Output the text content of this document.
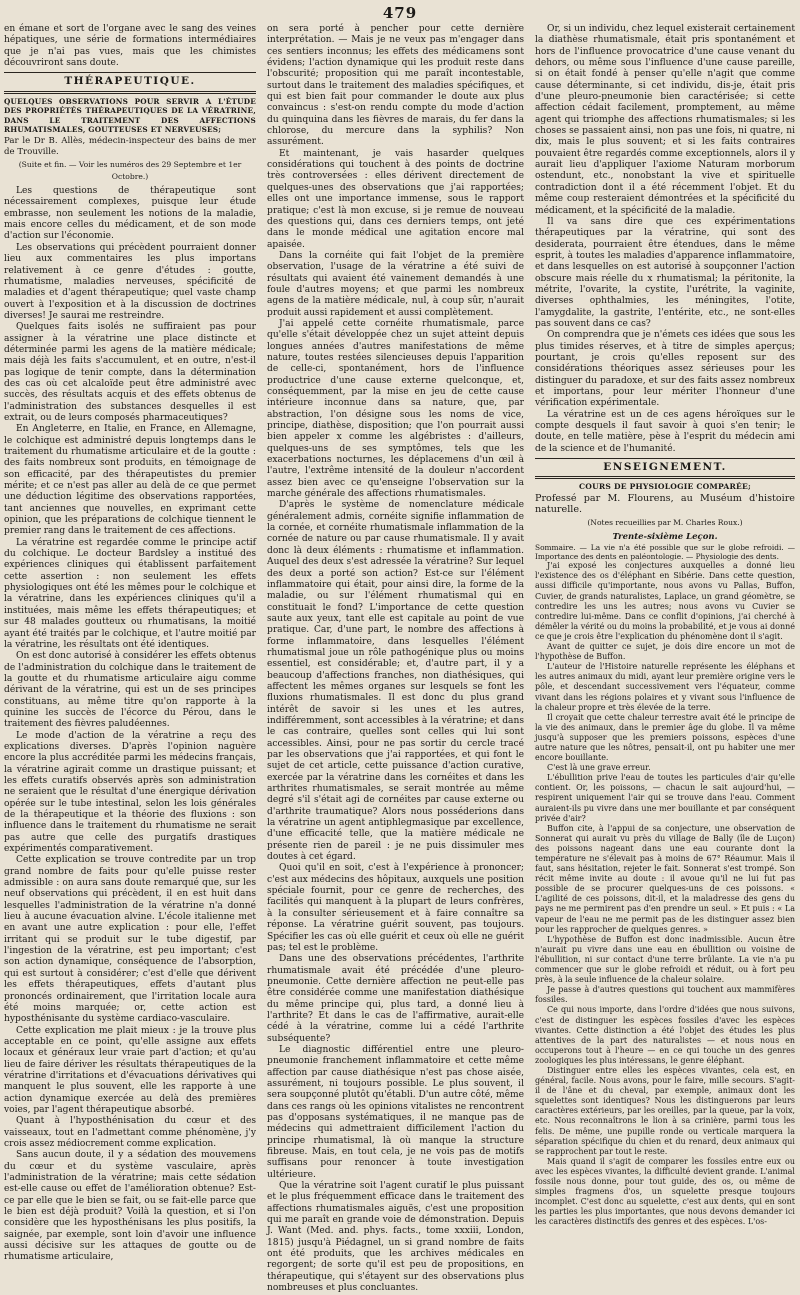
479

en émane et sort de l'organe avec le sang des veines hépatiques, une série de formations intermédiaires que je n'ai pas vues, mais que les chimistes découvriront sans doute.

THÉRAPEUTIQUE.
QUELQUES OBSERVATIONS POUR SERVIR A L'ÉTUDE DES PROPRIÉTÉS THÉRAPEUTIQUES DE LA VÉRATRINE, DANS LE TRAITEMENT DES AFFECTIONS RHUMATISMALES, GOUTTEUSES ET NERVEUSES;
Par le Dr B. Allès, médecin-inspecteur des bains de mer de Trouville.
(Suite et fin. — Voir les numéros des 29 Septembre et 1er Octobre.)

Les questions de thérapeutique sont nécessairement complexes, puisque leur étude embrasse, non seulement les notions de la maladie, mais encore celles du médicament, et de son mode d'action sur l'économie.

Les observations qui précèdent pourraient donner lieu aux commentaires les plus importans relativement à ce genre d'études : goutte, rhumatisme, maladies nerveuses, spécificité de maladies et d'agent thérapeutique; quel vaste champ ouvert à l'exposition et à la discussion de doctrines diverses! Je saurai me restreindre.

Quelques faits isolés ne suffiraient pas pour assigner à la vératrine une place distincte et déterminée parmi les agens de la matière médicale; mais déjà les faits s'accumulent, et en outre, n'est-il pas logique de tenir compte, dans la détermination des cas où cet alcaloïde peut être administré avec succès, des résultats acquis et des effets obtenus de l'administration des substances desquelles il est extrait, ou de leurs composés pharmaceutiques?

En Angleterre, en Italie, en France, en Allemagne, le colchique est administré depuis longtemps dans le traitement du rhumatisme articulaire et de la goutte : des faits nombreux sont produits, en témoignage de son efficacité, par des thérapeutistes du premier mérite; et ce n'est pas aller au delà de ce que permet une déduction légitime des observations rapportées, tant anciennes que nouvelles, en exprimant cette opinion, que les préparations de colchique tiennent le premier rang dans le traitement de ces affections.

La vératrine est regardée comme le principe actif du colchique. Le docteur Bardsley a institué des expériences cliniques qui établissent parfaitement cette assertion : non seulement les effets physiologiques ont été les mêmes pour le colchique et la vératrine, dans les expériences cliniques qu'il a instituées, mais même les effets thérapeutiques; et sur 48 malades goutteux ou rhumatisans, la moitié ayant été traités par le colchique, et l'autre moitié par la vératrine, les résultats ont été identiques.

On est donc autorisé à considérer les effets obtenus de l'administration du colchique dans le traitement de la goutte et du rhumatisme articulaire aigu comme dérivant de la vératrine, qui est un de ses principes constituans, au même titre qu'on rapporte à la quinine les succès de l'écorce du Pérou, dans le traitement des fièvres paludéennes.

Le mode d'action de la vératrine a reçu des explications diverses. D'après l'opinion naguère encore la plus accréditée parmi les médecins français, la vératrine agirait comme un drastique puissant; et les effets curatifs observés après son administration ne seraient que le résultat d'une énergique dérivation opérée sur le tube intestinal, selon les lois générales de la thérapeutique et la théorie des fluxions : son influence dans le traitement du rhumatisme ne serait pas autre que celle des purgatifs drastiques expérimentés comparativement.

Cette explication se trouve contredite par un trop grand nombre de faits pour qu'elle puisse rester admissible : on aura sans doute remarqué que, sur les neuf observations qui précèdent, il en est huit dans lesquelles l'administration de la vératrine n'a donné lieu à aucune évacuation alvine. L'école italienne met en avant une autre explication : pour elle, l'effet irritant qui se produit sur le tube digestif, par l'ingestion de la vératrine, est peu important; c'est son action dynamique, conséquence de l'absorption, qui est surtout à considérer; c'est d'elle que dérivent les effets thérapeutiques, effets d'autant plus prononcés ordinairement, que l'irritation locale aura été moins marquée; or, cette action est hyposthénisante du système cardiaco-vasculaire.

Cette explication me plait mieux : je la trouve plus acceptable en ce point, qu'elle assigne aux effets locaux et généraux leur vraie part d'action; et qu'au lieu de faire dériver les résultats thérapeutiques de la vératrine d'irritations et d'évacuations dérivatives qui manquent le plus souvent, elle les rapporte à une action dynamique exercée au delà des premières voies, par l'agent thérapeutique absorbé.

Quant à l'hyposthénisation du cœur et des vaisseaux, tout en l'admettant comme phénomène, j'y crois assez médiocrement comme explication.

Sans aucun doute, il y a sédation des mouvemens du cœur et du système vasculaire, après l'administration de la vératrine; mais cette sédation est-elle cause ou effet de l'amélioration obtenue? Est-ce par elle que le bien se fait, ou se fait-elle parce que le bien est déjà produit? Voilà la question, et si l'on considère que les hyposthénisans les plus positifs, la saignée, par exemple, sont loin d'avoir une influence aussi décisive sur les attaques de goutte ou de rhumatisme articulaire,

on sera porté à pencher pour cette dernière interprétation. — Mais je ne veux pas m'engager dans ces sentiers inconnus; les effets des médicamens sont évidens; l'action dynamique qui les produit reste dans l'obscurité; proposition qui me paraît incontestable, surtout dans le traitement des maladies spécifiques, et qui est bien fait pour commander le doute aux plus convaincus : s'est-on rendu compte du mode d'action du quinquina dans les fièvres de marais, du fer dans la chlorose, du mercure dans la syphilis? Non assurément.

Et maintenant, je vais hasarder quelques considérations qui touchent à des points de doctrine très controversées : elles dérivent directement de quelques-unes des observations que j'ai rapportées; elles ont une importance immense, sous le rapport pratique; c'est là mon excuse, si je remue de nouveau des questions qui, dans ces derniers temps, ont jeté dans le monde médical une agitation encore mal apaisée.

Dans la cornéite qui fait l'objet de la première observation, l'usage de la vératrine a été suivi de résultats qui avaient été vainement demandés à une foule d'autres moyens; et que parmi les nombreux agens de la matière médicale, nul, à coup sûr, n'aurait produit aussi rapidement et aussi complètement.

J'ai appelé cette cornéite rhumatismale, parce qu'elle s'était développée chez un sujet atteint depuis longues années d'autres manifestations de même nature, toutes restées silencieuses depuis l'apparition de celle-ci, spontanément, hors de l'influence productrice d'une cause externe quelconque, et, conséquemment, par la mise en jeu de cette cause intérieure inconnue dans sa nature, que, par abstraction, l'on désigne sous les noms de vice, principe, diathèse, disposition; que l'on pourrait aussi bien appeler x comme les algébristes : d'ailleurs, quelques-uns de ses symptômes, tels que les exacerbations nocturnes, les déplacemens d'un œil à l'autre, l'extrême intensité de la douleur n'accordent assez bien avec ce qu'enseigne l'observation sur la marche générale des affections rhumatismales.

D'après le système de nomenclature médicale généralement admis, cornéite signifie inflammation de la cornée, et cornéite rhumatismale inflammation de la cornée de nature ou par cause rhumatismale. Il y avait donc là deux éléments : rhumatisme et inflammation. Auquel des deux s'est adressée la vératrine? Sur lequel des deux a porté son action? Est-ce sur l'élément inflammatoire qui était, pour ainsi dire, la forme de la maladie, ou sur l'élément rhumatismal qui en constituait le fond? L'importance de cette question saute aux yeux, tant elle est capitale au point de vue pratique. Car, d'une part, le nombre des affections à forme inflammatoire, dans lesquelles l'élément rhumatismal joue un rôle pathogénique plus ou moins essentiel, est considérable; et, d'autre part, il y a beaucoup d'affections franches, non diathésiques, qui affectent les mêmes organes sur lesquels se font les fluxions rhumatismales. Il est donc du plus grand intérêt de savoir si les unes et les autres, indifféremment, sont accessibles à la vératrine; et dans le cas contraire, quelles sont celles qui lui sont accessibles. Ainsi, pour ne pas sortir du cercle tracé par les observations que j'ai rapportées, et qui font le sujet de cet article, cette puissance d'action curative, exercée par la vératrine dans les cornéites et dans les arthrites rhumatismales, se serait montrée au même degré s'il s'était agi de cornéites par cause externe ou d'arthrite traumatique? Alors nous posséderions dans la vératrine un agent antiphlegmasique par excellence, d'une efficacité telle, que la matière médicale ne présente rien de pareil : je ne puis dissimuler mes doutes à cet égard.

Quoi qu'il en soit, c'est à l'expérience à prononcer; c'est aux médecins des hôpitaux, auxquels une position spéciale fournit, pour ce genre de recherches, des facilités qui manquent à la plupart de leurs confrères, à la consulter sérieusement et à faire connaître sa réponse. La vératrine guérit souvent, pas toujours. Spécifier les cas où elle guérit et ceux où elle ne guérit pas; tel est le problème.

Dans une des observations précédentes, l'arthrite rhumatismale avait été précédée d'une pleuro-pneumonie. Cette dernière affection ne peut-elle pas être considérée comme une manifestation diathésique du même principe qui, plus tard, a donné lieu à l'arthrite? Et dans le cas de l'affirmative, aurait-elle cédé à la vératrine, comme lui a cédé l'arthrite subséquente?

Le diagnostic différentiel entre une pleuro-pneumonie franchement inflammatoire et cette même affection par cause diathésique n'est pas chose aisée, assurément, ni toujours possible. Le plus souvent, il sera soupçonné plutôt qu'établi. D'un autre côté, même dans ces rangs où les opinions vitalistes ne rencontrent pas d'opposans systématiques, il ne manque pas de médecins qui admettraient difficilement l'action du principe rhumatismal, là où manque la structure fibreuse. Mais, en tout cela, je ne vois pas de motifs suffisans pour renoncer à toute investigation ultérieure.

Que la vératrine soit l'agent curatif le plus puissant et le plus fréquemment efficace dans le traitement des affections rhumatismales aiguës, c'est une proposition qui me paraît en grande voie de démonstration. Depuis J. Want (Med. and. phys. facts., tome xxxiii, London, 1815) jusqu'à Piédagnel, un si grand nombre de faits ont été produits, que les archives médicales en regorgent; de sorte qu'il est peu de propositions, en thérapeutique, qui s'étayent sur des observations plus nombreuses et plus concluantes.

Or, si un individu, chez lequel existerait certainement la diathèse rhumatismale, était pris spontanément et hors de l'influence provocatrice d'une cause venant du dehors, ou même sous l'influence d'une cause pareille, si on était fondé à penser qu'elle n'agit que comme cause déterminante, si cet individu, dis-je, était pris d'une pleuro-pneumonie bien caractérisée; si cette affection cédait facilement, promptement, au même agent qui triomphe des affections rhumatismales; si les choses se passaient ainsi, non pas une fois, ni quatre, ni dix, mais le plus souvent; et si les faits contraires pouvaient être regardés comme exceptionnels, alors il y aurait lieu d'appliquer l'axiome Naturam morborum ostendunt, etc., nonobstant la vive et spirituelle contradiction dont il a été récemment l'objet. Et du même coup resteraient démontrées et la spécificité du médicament, et la spécificité de la maladie.

Il va sans dire que ces expérimentations thérapeutiques par la vératrine, qui sont des desiderata, pourraient être étendues, dans le même esprit, à toutes les maladies d'apparence inflammatoire, et dans lesquelles on est autorisé à soupçonner l'action obscure mais réelle du x rhumatismal; la péritonite, la métrite, l'ovarite, la cystite, l'urétrite, la vaginite, diverses ophthalmies, les méningites, l'otite, l'amygdalite, la gastrite, l'entérite, etc., ne sont-elles pas souvent dans ce cas?

On comprendra que je n'émets ces idées que sous les plus timides réserves, et à titre de simples aperçus; pourtant, je crois qu'elles reposent sur des considérations théoriques assez sérieuses pour les distinguer du paradoxe, et sur des faits assez nombreux et importans, pour leur mériter l'honneur d'une vérification expérimentale.

La vératrine est un de ces agens héroïques sur le compte desquels il faut savoir à quoi s'en tenir; le doute, en telle matière, pèse à l'esprit du médecin ami de la science et de l'humanité.

ENSEIGNEMENT.
COURS DE PHYSIOLOGIE COMPARÉE;
Professé par M. Flourens, au Muséum d'histoire naturelle.
(Notes recueillies par M. Charles Roux.)
Trente-sixième Leçon.

Sommaire. — La vie n'a été possible que sur le globe refroidi. — Importance des dents en paléontologie. — Physiologie des dents.

J'ai exposé les conjectures auxquelles a donné lieu l'existence des os d'éléphant en Sibérie. Dans cette question, aussi difficile qu'importante, nous avons vu Pallas, Buffon, Cuvier, de grands naturalistes, Laplace, un grand géomètre, se contredire les uns les autres; nous avons vu Cuvier se contredire lui-même. Dans ce conflit d'opinions, j'ai cherché à démêler la vérité ou du moins la probabilité, et je vous ai donné ce que je crois être l'explication du phénomène dont il s'agit.

Avant de quitter ce sujet, je dois dire encore un mot de l'hypothèse de Buffon.

L'auteur de l'Histoire naturelle représente les éléphans et les autres animaux du midi, ayant leur première origine vers le pôle, et descendant successivement vers l'équateur, comme vivant dans les régions polaires et y vivant sous l'influence de la chaleur propre et très élevée de la terre.

Il croyait que cette chaleur terrestre avait été le principe de la vie des animaux, dans le premier âge du globe. Il va même jusqu'à supposer que les premiers poissons, espèces d'une autre nature que les nôtres, pensait-il, ont pu habiter une mer encore bouillante.

C'est là une grave erreur.

L'ébullition prive l'eau de toutes les particules d'air qu'elle contient. Or, les poissons, — chacun le sait aujourd'hui, — respirent uniquement l'air qui se trouve dans l'eau. Comment auraient-ils pu vivre dans une mer bouillante et par conséquent privée d'air?

Buffon cite, à l'appui de sa conjecture, une observation de Sonnerat qui aurait vu près du village de Bally (île de Luçon) des poissons nageant dans une eau courante dont la température ne s'élevait pas à moins de 67° Réaumur. Mais il faut, sans hésitation, rejeter le fait. Sonnerat s'est trompé. Son récit même invite au doute : il avoue qu'il ne lui fut pas possible de se procurer quelques-uns de ces poissons. « L'agilité de ces poissons, dit-il, et la maladresse des gens du pays ne me permirent pas d'en prendre un seul. » Et puis : « La vapeur de l'eau ne me permit pas de les distinguer assez bien pour les rapprocher de quelques genres. »

L'hypothèse de Buffon est donc inadmissible. Aucun être n'aurait pu vivre dans une eau en ébullition ou voisine de l'ébullition, ni sur contact d'une terre brûlante. La vie n'a pu commencer que sur le globe refroidi et réduit, ou à fort peu près, à la seule influence de la chaleur solaire.

Je passe à d'autres questions qui touchent aux mammifères fossiles.

Ce qui nous importe, dans l'ordre d'idées que nous suivons, c'est de distinguer les espèces fossiles d'avec les espèces vivantes. Cette distinction a été l'objet des études les plus attentives de la part des naturalistes — et nous nous en occuperons tout à l'heure — en ce qui touche un des genres zoologiques les plus intéressans, le genre éléphant.

Distinguer entre elles les espèces vivantes, cela est, en général, facile. Nous avons, pour le faire, mille secours. S'agit-il de l'âne et du cheval, par exemple, animaux dont les squelettes sont identiques? Nous les distinguerons par leurs caractères extérieurs, par les oreilles, par la queue, par la voix, etc. Nous reconnaîtrons le lion à sa crinière, parmi tous les felis. De même, une pupille ronde ou verticale marquera la séparation spécifique du chien et du renard, deux animaux qui se rapprochent par tout le reste.

Mais quand il s'agit de comparer les fossiles entre eux ou avec les espèces vivantes, la difficulté devient grande. L'animal fossile nous donne, pour tout guide, des os, ou même de simples fragmens d'os, un squelette presque toujours incomplet. C'est donc au squelette, c'est aux dents, qui en sont les parties les plus importantes, que nous devons demander ici les caractères distinctifs des genres et des espèces. L'os-
